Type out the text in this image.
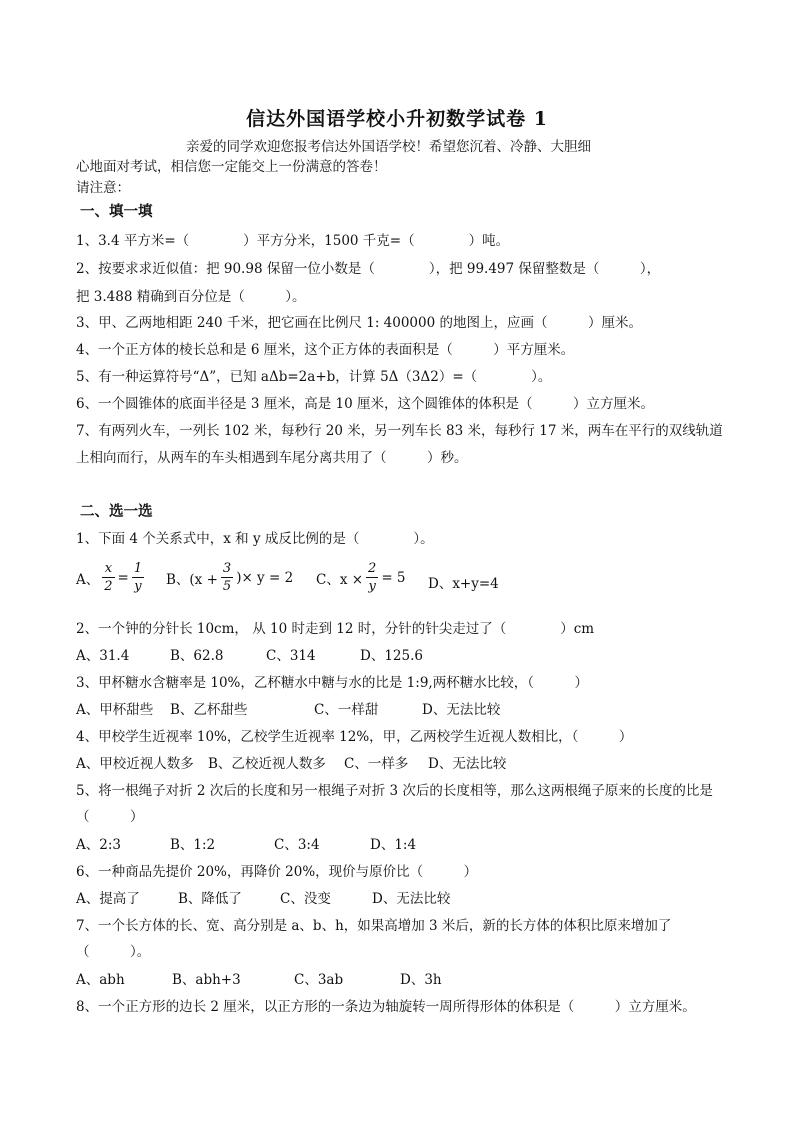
信达外国语学校小升初数学试卷 1
亲爱的同学欢迎您报考信达外国语学校！希望您沉着、冷静、大胆细
心地面对考试，相信您一定能交上一份满意的答卷！
请注意：
一、填一填
1、3.4 平方米=（　　　　）平方分米，1500 千克=（　　　　）吨。
2、按要求求近似值：把 90.98 保留一位小数是（　　　　），把 99.497 保留整数是（　　　），
把 3.488 精确到百分位是（　　　）。
3、甲、乙两地相距 240 千米，把它画在比例尺 1: 400000 的地图上，应画（　　　）厘米。
4、一个正方体的棱长总和是 6 厘米，这个正方体的表面积是（　　　）平方厘米。
5、有一种运算符号“Δ”，已知 aΔb=2a+b，计算 5Δ（3Δ2）=（　　　　）。
6、一个圆锥体的底面半径是 3 厘米，高是 10 厘米，这个圆锥体的体积是（　　　）立方厘米。
7、有两列火车，一列长 102 米，每秒行 20 米，另一列车长 83 米，每秒行 17 米，两车在平行的双线轨道
上相向而行，从两车的车头相遇到车尾分离共用了（　　　）秒。
二、选一选
1、下面 4 个关系式中，x 和 y 成反比例的是（　　　　）。
A、 $\frac{x}{2} = \frac{1}{y}$ B、($x + \frac{3}{5}$ )× y = 2 C、$x \times \frac{2}{y} = 5$ D、x+y=4
2、一个钟的分针长 10cm， 从 10 时走到 12 时，分针的针尖走过了（　　　　）cm
A、31.4	B、62.8	C、314	D、125.6
3、甲杯糖水含糖率是 10%，乙杯糖水中糖与水的比是 1:9,两杯糖水比较，（　　　）
A、甲杯甜些 B、乙杯甜些	C、一样甜	D、无法比较
4、甲校学生近视率 10%，乙校学生近视率 12%，甲，乙两校学生近视人数相比，（　　　）
A、甲校近视人数多 B、乙校近视人数多 C、一样多 D、无法比较
5、将一根绳子对折 2 次后的长度和另一根绳子对折 3 次后的长度相等，那么这两根绳子原来的长度的比是
（　　　）
A、2:3	B、1:2	C、3:4	D、1:4
6、一种商品先提价 20%，再降价 20%，现价与原价比（　　　）
A、提高了	B、降低了	C、没变	D、无法比较
7、一个长方体的长、宽、高分别是 a、b、h，如果高增加 3 米后，新的长方体的体积比原来增加了
（　　　）。
A、abh	B、abh+3	C、3ab	D、3h
8、一个正方形的边长 2 厘米，以正方形的一条边为轴旋转一周所得形体的体积是（　　　）立方厘米。
